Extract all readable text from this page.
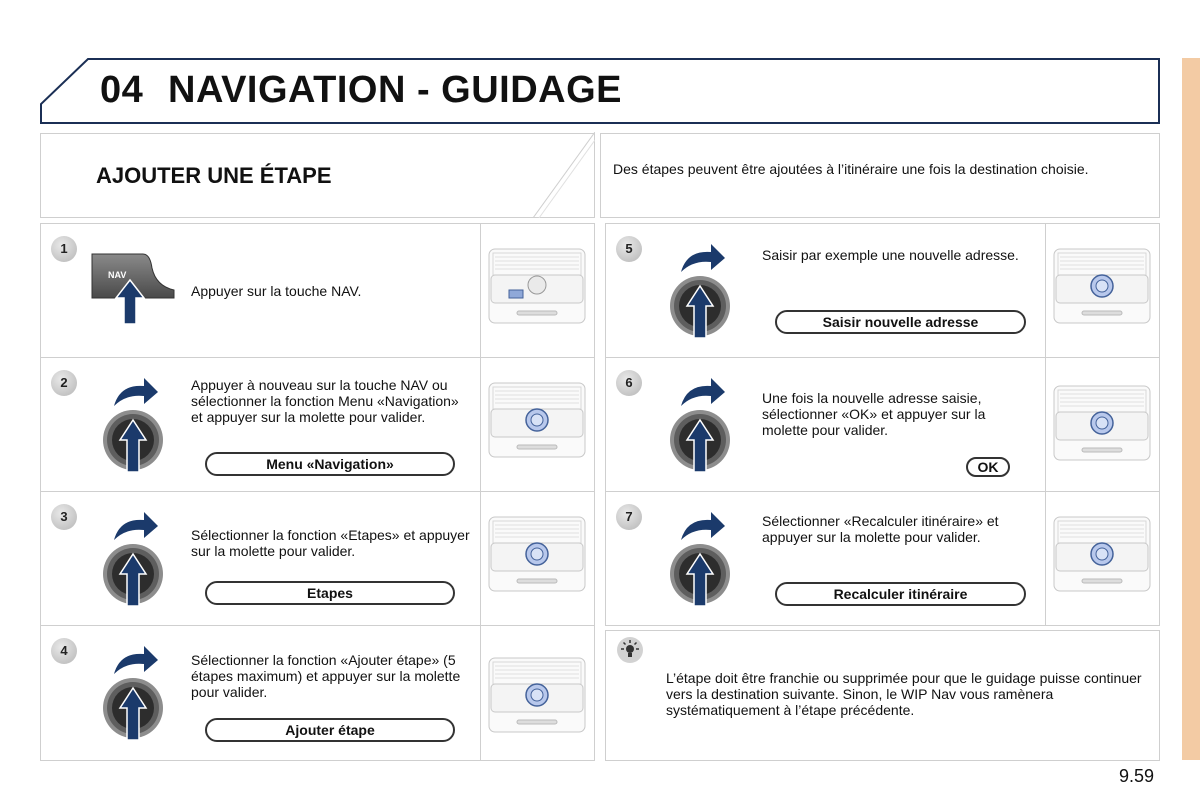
04 NAVIGATION - GUIDAGE
AJOUTER UNE ÉTAPE	Des étapes peuvent être ajoutées à l’itinéraire une fois la destination choisie.
1
NAV
Appuyer sur la touche NAV.
2	Appuyer à nouveau sur la touche NAV ou sélectionner la fonction Menu «Navigation» et appuyer sur la molette pour valider.
Menu «Navigation»
3
Sélectionner la fonction «Etapes» et appuyer sur la molette pour valider.
Etapes
4
Sélectionner la fonction «Ajouter étape» (5 étapes maximum) et appuyer sur la molette pour valider.
Ajouter étape
5	Saisir par exemple une nouvelle adresse.
Saisir nouvelle adresse
6
Une fois la nouvelle adresse saisie, sélectionner «OK» et appuyer sur la molette pour valider.
OK
7	Sélectionner «Recalculer itinéraire» et appuyer sur la molette pour valider.
Recalculer itinéraire
L’étape doit être franchie ou supprimée pour que le guidage puisse continuer vers la destination suivante. Sinon, le WIP Nav vous ramènera systématiquement à l’étape précédente.
9.59
